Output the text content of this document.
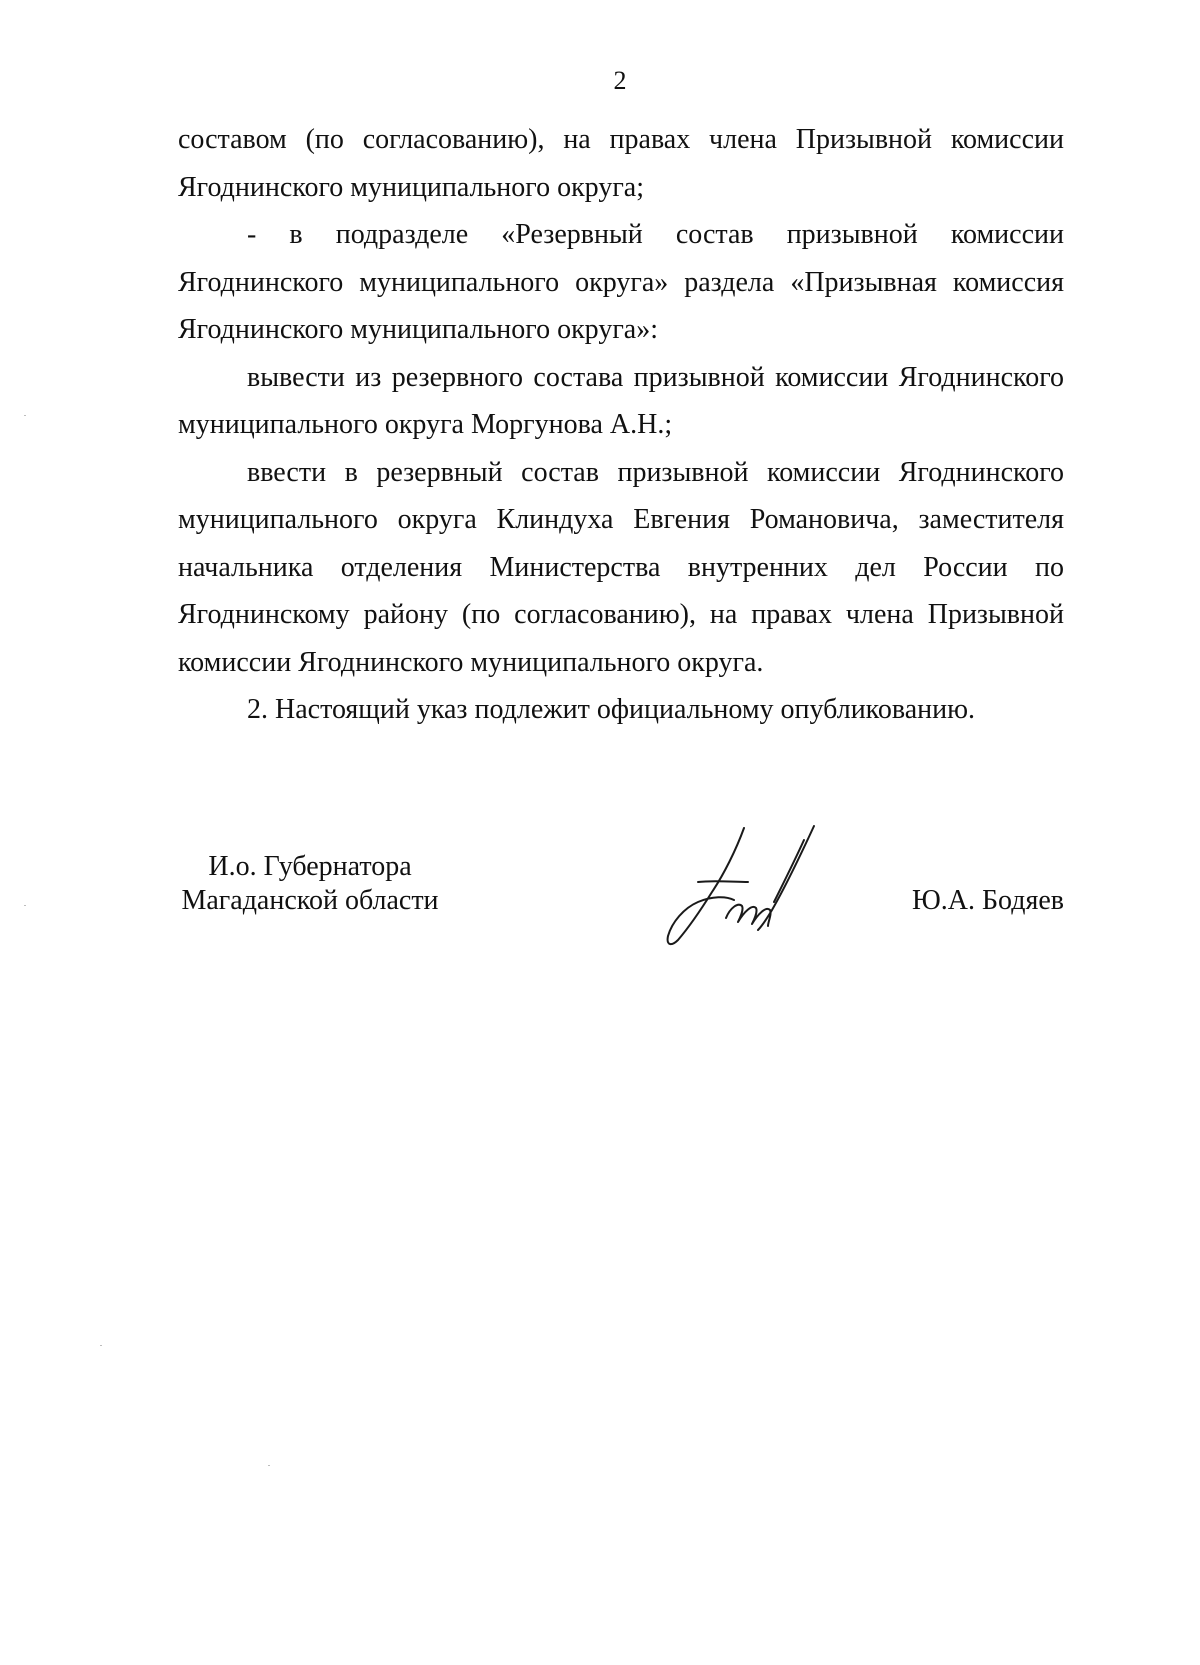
2

составом (по согласованию), на правах члена Призывной комиссии Ягоднинского муниципального округа;

- в подразделе «Резервный состав призывной комиссии Ягоднинского муниципального округа» раздела «Призывная комиссия Ягоднинского муниципального округа»:

вывести из резервного состава призывной комиссии Ягоднинского муниципального округа Моргунова А.Н.;

ввести в резервный состав призывной комиссии Ягоднинского муниципального округа Клиндуха Евгения Романовича, заместителя начальника отделения Министерства внутренних дел России по Ягоднинскому району (по согласованию), на правах члена Призывной комиссии Ягоднинского муниципального округа.

2. Настоящий указ подлежит официальному опубликованию.

И.о. Губернатора
Магаданской области	Ю.А. Бодяев
